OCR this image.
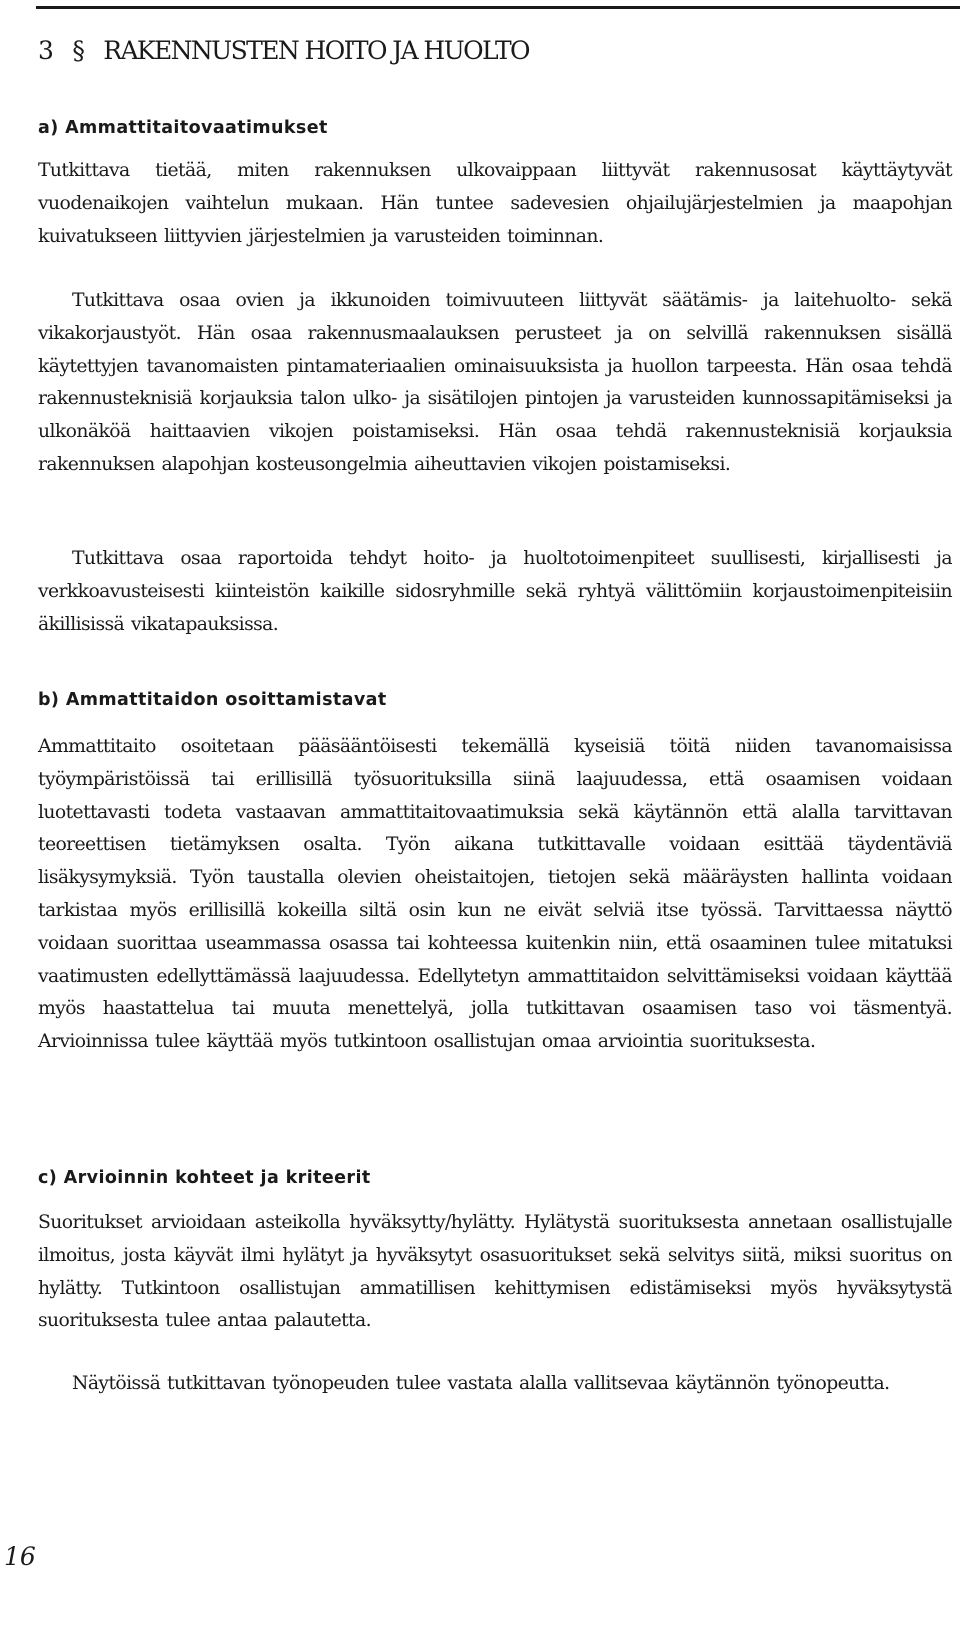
3 § RAKENNUSTEN HOITO JA HUOLTO
a) Ammattitaitovaatimukset

Tutkittava tietää, miten rakennuksen ulkovaippaan liittyvät rakennusosat käyttäytyvät vuodenaikojen vaihtelun mukaan. Hän tuntee sadevesien ohjailujärjestelmien ja maapohjan kuivatukseen liittyvien järjestelmien ja varusteiden toiminnan.

Tutkittava osaa ovien ja ikkunoiden toimivuuteen liittyvät säätämis- ja laitehuolto- sekä vikakorjaustyöt. Hän osaa rakennusmaalauksen perusteet ja on selvillä rakennuksen sisällä käytettyjen tavanomaisten pintamateriaalien ominaisuuksista ja huollon tarpeesta. Hän osaa tehdä rakennusteknisiä korjauksia talon ulko- ja sisätilojen pintojen ja varusteiden kunnossapitämiseksi ja ulkonäköä haittaavien vikojen poistamiseksi. Hän osaa tehdä rakennusteknisiä korjauksia rakennuksen alapohjan kosteusongelmia aiheuttavien vikojen poistamiseksi.

Tutkittava osaa raportoida tehdyt hoito- ja huoltotoimenpiteet suullisesti, kirjallisesti ja verkkoavusteisesti kiinteistön kaikille sidosryhmille sekä ryhtyä välittömiin korjaustoimenpiteisiin äkillisissä vikatapauksissa.

b) Ammattitaidon osoittamistavat

Ammattitaito osoitetaan pääsääntöisesti tekemällä kyseisiä töitä niiden tavanomaisissa työympäristöissä tai erillisillä työsuorituksilla siinä laajuudessa, että osaamisen voidaan luotettavasti todeta vastaavan ammattitaitovaatimuksia sekä käytännön että alalla tarvittavan teoreettisen tietämyksen osalta. Työn aikana tutkittavalle voidaan esittää täydentäviä lisäkysymyksiä. Työn taustalla olevien oheistaitojen, tietojen sekä määräysten hallinta voidaan tarkistaa myös erillisillä kokeilla siltä osin kun ne eivät selviä itse työssä. Tarvittaessa näyttö voidaan suorittaa useammassa osassa tai kohteessa kuitenkin niin, että osaaminen tulee mitatuksi vaatimusten edellyttämässä laajuudessa. Edellytetyn ammattitaidon selvittämiseksi voidaan käyttää myös haastattelua tai muuta menettelyä, jolla tutkittavan osaamisen taso voi täsmentyä. Arvioinnissa tulee käyttää myös tutkintoon osallistujan omaa arviointia suorituksesta.

c) Arvioinnin kohteet ja kriteerit

Suoritukset arvioidaan asteikolla hyväksytty/hylätty. Hylätystä suorituksesta annetaan osallistujalle ilmoitus, josta käyvät ilmi hylätyt ja hyväksytyt osasuoritukset sekä selvitys siitä, miksi suoritus on hylätty. Tutkintoon osallistujan ammatillisen kehittymisen edistämiseksi myös hyväksytystä suorituksesta tulee antaa palautetta.

Näytöissä tutkittavan työnopeuden tulee vastata alalla vallitsevaa käytännön työnopeutta.

16
